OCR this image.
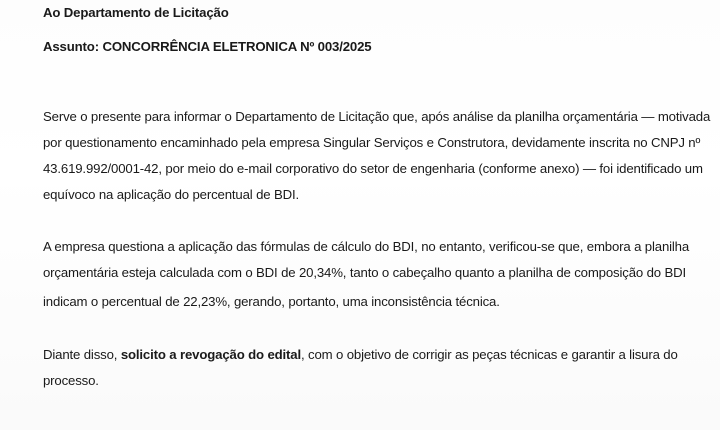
Ao Departamento de Licitação
Assunto: CONCORRÊNCIA ELETRONICA Nº 003/2025
Serve o presente para informar o Departamento de Licitação que, após análise da planilha orçamentária — motivada
por questionamento encaminhado pela empresa Singular Serviços e Construtora, devidamente inscrita no CNPJ nº
43.619.992/0001-42, por meio do e-mail corporativo do setor de engenharia (conforme anexo) — foi identificado um
equívoco na aplicação do percentual de BDI.
A empresa questiona a aplicação das fórmulas de cálculo do BDI, no entanto, verificou-se que, embora a planilha
orçamentária esteja calculada com o BDI de 20,34%, tanto o cabeçalho quanto a planilha de composição do BDI
indicam o percentual de 22,23%, gerando, portanto, uma inconsistência técnica.
Diante disso, solicito a revogação do edital, com o objetivo de corrigir as peças técnicas e garantir a lisura do
processo.
